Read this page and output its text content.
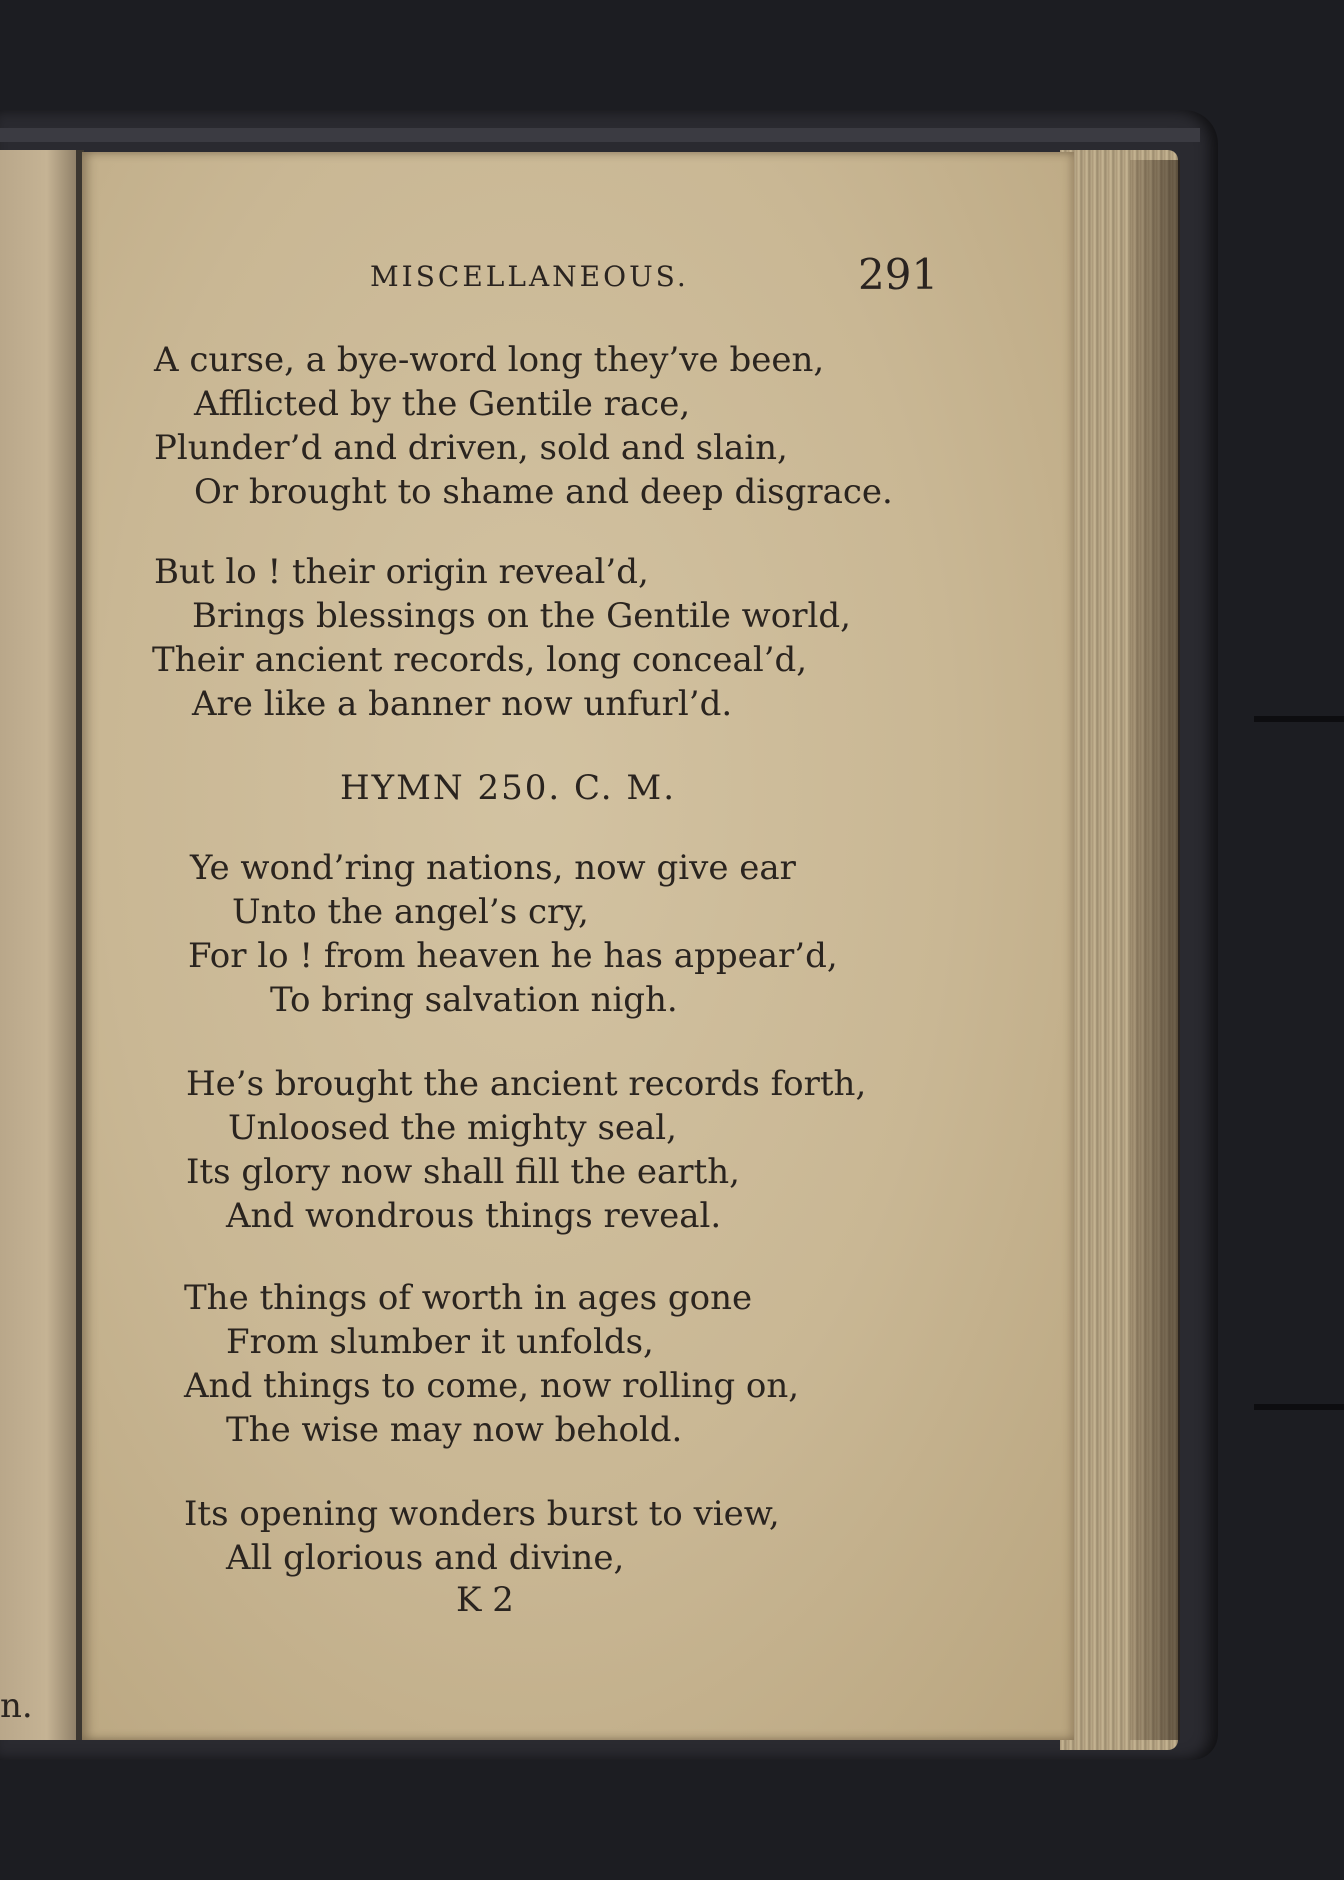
n.
MISCELLANEOUS.	291
A curse, a bye-word long they’ve been,
Afflicted by the Gentile race,
Plunder’d and driven, sold and slain,
Or brought to shame and deep disgrace.
But lo ! their origin reveal’d,
Brings blessings on the Gentile world,
Their ancient records, long conceal’d,
Are like a banner now unfurl’d.
HYMN 250. C. M.
Ye wond’ring nations, now give ear
Unto the angel’s cry,
For lo ! from heaven he has appear’d,
To bring salvation nigh.
He’s brought the ancient records forth,
Unloosed the mighty seal,
Its glory now shall fill the earth,
And wondrous things reveal.
The things of worth in ages gone
From slumber it unfolds,
And things to come, now rolling on,
The wise may now behold.
Its opening wonders burst to view,
All glorious and divine,
K 2
